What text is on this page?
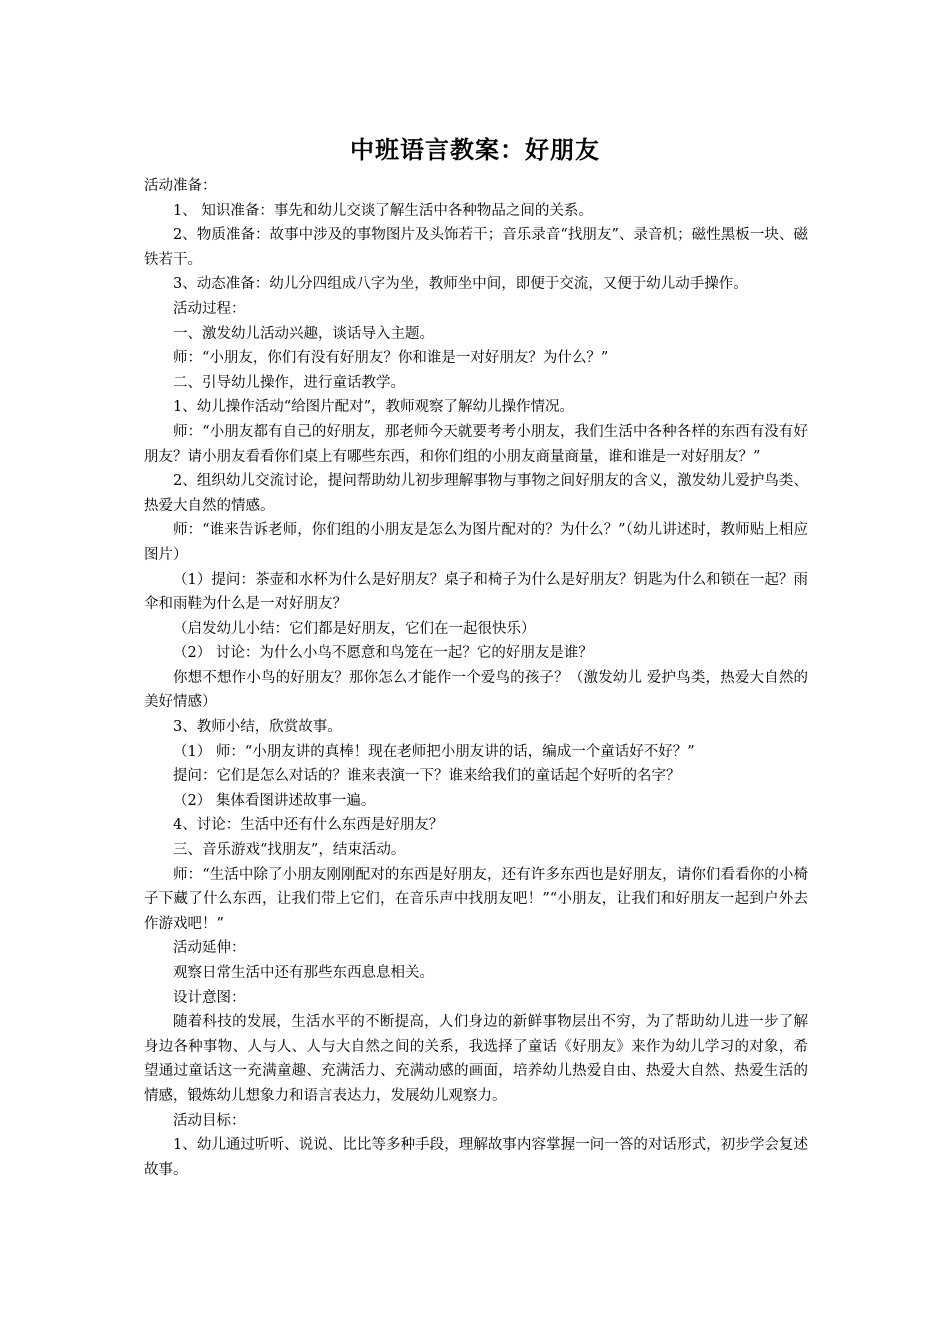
中班语言教案：好朋友

活动准备：

1、 知识准备：事先和幼儿交谈了解生活中各种物品之间的关系。

2、物质准备：故事中涉及的事物图片及头饰若干；音乐录音“找朋友”、录音机；磁性黑板一块、磁铁若干。

3、动态准备：幼儿分四组成八字为坐，教师坐中间，即便于交流，又便于幼儿动手操作。

活动过程：

一、激发幼儿活动兴趣，谈话导入主题。

师：“小朋友，你们有没有好朋友？你和谁是一对好朋友？为什么？”

二、引导幼儿操作，进行童话教学。

1、幼儿操作活动“给图片配对”，教师观察了解幼儿操作情况。

师：“小朋友都有自己的好朋友，那老师今天就要考考小朋友，我们生活中各种各样的东西有没有好朋友？请小朋友看看你们桌上有哪些东西，和你们组的小朋友商量商量，谁和谁是一对好朋友？”

2、组织幼儿交流讨论，提问帮助幼儿初步理解事物与事物之间好朋友的含义，激发幼儿爱护鸟类、热爱大自然的情感。

师：“谁来告诉老师，你们组的小朋友是怎么为图片配对的？为什么？”（幼儿讲述时，教师贴上相应图片）

（1）提问：茶壶和水杯为什么是好朋友？桌子和椅子为什么是好朋友？钥匙为什么和锁在一起？雨伞和雨鞋为什么是一对好朋友？

（启发幼儿小结：它们都是好朋友，它们在一起很快乐）

（2） 讨论：为什么小鸟不愿意和鸟笼在一起？它的好朋友是谁？

你想不想作小鸟的好朋友？那你怎么才能作一个爱鸟的孩子？（激发幼儿 爱护鸟类，热爱大自然的美好情感）

3、教师小结，欣赏故事。

（1） 师：“小朋友讲的真棒！现在老师把小朋友讲的话，编成一个童话好不好？”

提问：它们是怎么对话的？谁来表演一下？谁来给我们的童话起个好听的名字？

（2） 集体看图讲述故事一遍。

4、讨论：生活中还有什么东西是好朋友？

三、音乐游戏“找朋友”，结束活动。

师：“生活中除了小朋友刚刚配对的东西是好朋友，还有许多东西也是好朋友，请你们看看你的小椅子下藏了什么东西，让我们带上它们，在音乐声中找朋友吧！”“小朋友，让我们和好朋友一起到户外去作游戏吧！”

活动延伸：

观察日常生活中还有那些东西息息相关。

设计意图：

随着科技的发展，生活水平的不断提高，人们身边的新鲜事物层出不穷，为了帮助幼儿进一步了解身边各种事物、人与人、人与大自然之间的关系，我选择了童话《好朋友》来作为幼儿学习的对象，希望通过童话这一充满童趣、充满活力、充满动感的画面，培养幼儿热爱自由、热爱大自然、热爱生活的情感，锻炼幼儿想象力和语言表达力，发展幼儿观察力。

活动目标：

1、幼儿通过听听、说说、比比等多种手段，理解故事内容掌握一问一答的对话形式，初步学会复述故事。
